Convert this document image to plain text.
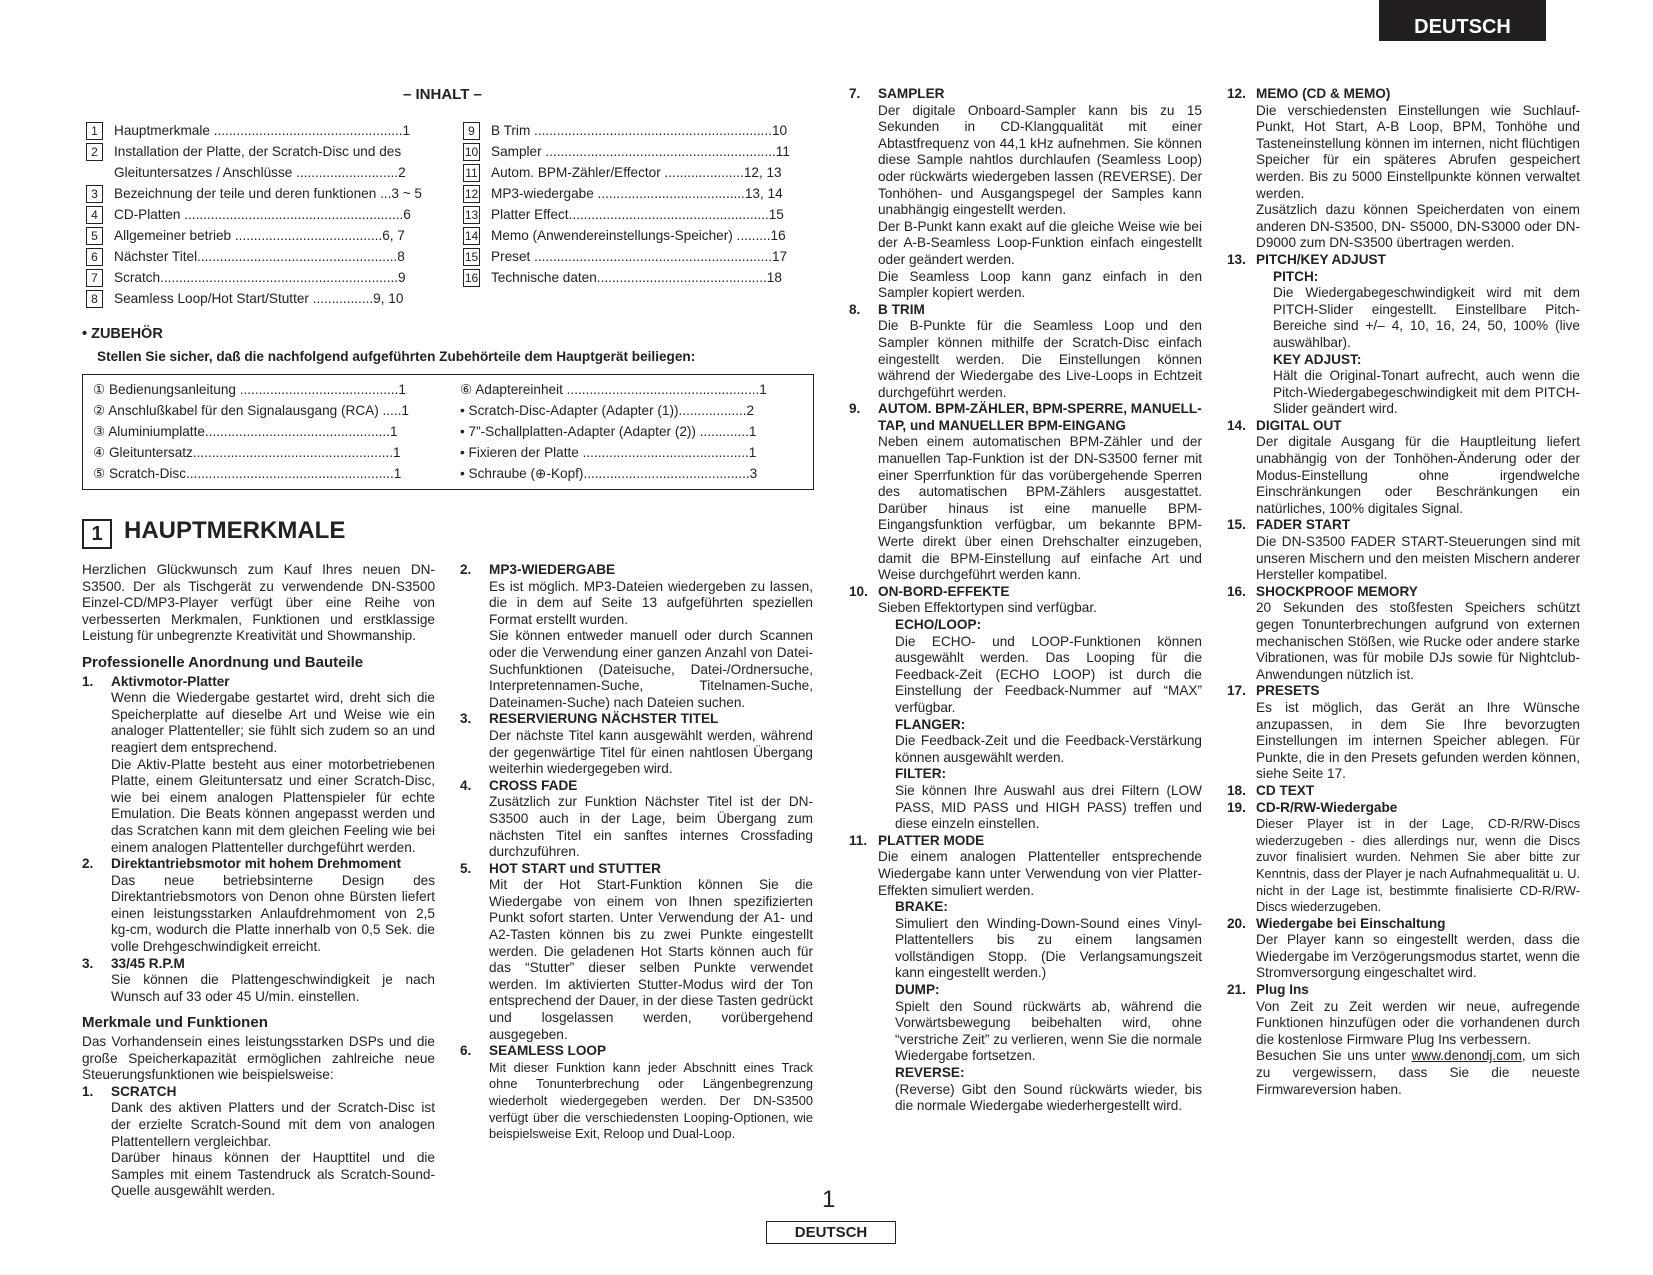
DEUTSCH
– INHALT –
1	Hauptmerkmale ..................................................1
2	Installation der Platte, der Scratch-Disc und des
Gleituntersatzes / Anschlüsse ...........................2
3	Bezeichnung der teile und deren funktionen ...3 ~ 5
4	CD-Platten ..........................................................6
5	Allgemeiner betrieb .......................................6, 7
6	Nächster Titel.....................................................8
7	Scratch...............................................................9
8	Seamless Loop/Hot Start/Stutter ................9, 10
9	B Trim ...............................................................10
10 Sampler .............................................................11
11 Autom. BPM-Zähler/Effector .....................12, 13
12 MP3-wiedergabe .......................................13, 14
13 Platter Effect.....................................................15
14 Memo (Anwendereinstellungs-Speicher) .........16
15 Preset ...............................................................17
16 Technische daten.............................................18
• ZUBEHÖR
Stellen Sie sicher, daß die nachfolgend aufgeführten Zubehörteile dem Hauptgerät beiliegen:
① Bedienungsanleitung ..........................................1
② Anschlußkabel für den Signalausgang (RCA) .....1
③ Aluminiumplatte.................................................1
④ Gleituntersatz.....................................................1
⑤ Scratch-Disc.......................................................1
⑥ Adaptereinheit ...................................................1
• Scratch-Disc-Adapter (Adapter (1))..................2
• 7”-Schallplatten-Adapter (Adapter (2)) .............1
• Fixieren der Platte ............................................1
• Schraube (⊕-Kopf)............................................3
1 HAUPTMERKMALE

Herzlichen Glückwunsch zum Kauf Ihres neuen DN-S3500. Der als Tischgerät zu verwendende DN-S3500 Einzel-CD/MP3-Player verfügt über eine Reihe von verbesserten Merkmalen, Funktionen und erstklassige Leistung für unbegrenzte Kreativität und Showmanship.

Professionelle Anordnung und Bauteile
1. Aktivmotor-Platter

Wenn die Wiedergabe gestartet wird, dreht sich die Speicherplatte auf dieselbe Art und Weise wie ein analoger Plattenteller; sie fühlt sich zudem so an und reagiert dem entsprechend.

Die Aktiv-Platte besteht aus einer motorbetriebenen Platte, einem Gleituntersatz und einer Scratch-Disc, wie bei einem analogen Plattenspieler für echte Emulation. Die Beats können angepasst werden und das Scratchen kann mit dem gleichen Feeling wie bei einem analogen Plattenteller durchgeführt werden.

2. Direktantriebsmotor mit hohem Drehmoment

Das neue betriebsinterne Design des Direktantriebsmotors von Denon ohne Bürsten liefert einen leistungsstarken Anlaufdrehmoment von 2,5 kg-cm, wodurch die Platte innerhalb von 0,5 Sek. die volle Drehgeschwindigkeit erreicht.

3. 33/45 R.P.M

Sie können die Plattengeschwindigkeit je nach Wunsch auf 33 oder 45 U/min. einstellen.

Merkmale und Funktionen

Das Vorhandensein eines leistungsstarken DSPs und die große Speicherkapazität ermöglichen zahlreiche neue Steuerungsfunktionen wie beispielsweise:

1. SCRATCH

Dank des aktiven Platters und der Scratch-Disc ist der erzielte Scratch-Sound mit dem von analogen Plattentellern vergleichbar.

Darüber hinaus können der Haupttitel und die Samples mit einem Tastendruck als Scratch-Sound-Quelle ausgewählt werden.

2. MP3-WIEDERGABE

Es ist möglich. MP3-Dateien wiedergeben zu lassen, die in dem auf Seite 13 aufgeführten speziellen Format erstellt wurden.

Sie können entweder manuell oder durch Scannen oder die Verwendung einer ganzen Anzahl von Datei-Suchfunktionen (Dateisuche, Datei-/Ordnersuche, Interpretennamen-Suche, Titelnamen-Suche, Dateinamen-Suche) nach Dateien suchen.

3. RESERVIERUNG NÄCHSTER TITEL

Der nächste Titel kann ausgewählt werden, während der gegenwärtige Titel für einen nahtlosen Übergang weiterhin wiedergegeben wird.

4. CROSS FADE

Zusätzlich zur Funktion Nächster Titel ist der DN-S3500 auch in der Lage, beim Übergang zum nächsten Titel ein sanftes internes Crossfading durchzuführen.

5. HOT START und STUTTER

Mit der Hot Start-Funktion können Sie die Wiedergabe von einem von Ihnen spezifizierten Punkt sofort starten. Unter Verwendung der A1- und A2-Tasten können bis zu zwei Punkte eingestellt werden. Die geladenen Hot Starts können auch für das “Stutter” dieser selben Punkte verwendet werden. Im aktivierten Stutter-Modus wird der Ton entsprechend der Dauer, in der diese Tasten gedrückt und losgelassen werden, vorübergehend ausgegeben.

6. SEAMLESS LOOP

Mit dieser Funktion kann jeder Abschnitt eines Track ohne Tonunterbrechung oder Längenbegrenzung wiederholt wiedergegeben werden. Der DN-S3500 verfügt über die verschiedensten Looping-Optionen, wie beispielsweise Exit, Reloop und Dual-Loop.

7. SAMPLER

Der digitale Onboard-Sampler kann bis zu 15 Sekunden in CD-Klangqualität mit einer Abtastfrequenz von 44,1 kHz aufnehmen. Sie können diese Sample nahtlos durchlaufen (Seamless Loop) oder rückwärts wiedergeben lassen (REVERSE). Der Tonhöhen- und Ausgangspegel der Samples kann unabhängig eingestellt werden.

Der B-Punkt kann exakt auf die gleiche Weise wie bei der A-B-Seamless Loop-Funktion einfach eingestellt oder geändert werden.

Die Seamless Loop kann ganz einfach in den Sampler kopiert werden.

8. B TRIM

Die B-Punkte für die Seamless Loop und den Sampler können mithilfe der Scratch-Disc einfach eingestellt werden. Die Einstellungen können während der Wiedergabe des Live-Loops in Echtzeit durchgeführt werden.

9. AUTOM. BPM-ZÄHLER, BPM-SPERRE, MANUELL-TAP, und MANUELLER BPM-EINGANG

Neben einem automatischen BPM-Zähler und der manuellen Tap-Funktion ist der DN-S3500 ferner mit einer Sperrfunktion für das vorübergehende Sperren des automatischen BPM-Zählers ausgestattet. Darüber hinaus ist eine manuelle BPM-Eingangsfunktion verfügbar, um bekannte BPM-Werte direkt über einen Drehschalter einzugeben, damit die BPM-Einstellung auf einfache Art und Weise durchgeführt werden kann.

10. ON-BORD-EFFEKTE

Sieben Effektortypen sind verfügbar.

ECHO/LOOP:

Die ECHO- und LOOP-Funktionen können ausgewählt werden. Das Looping für die Feedback-Zeit (ECHO LOOP) ist durch die Einstellung der Feedback-Nummer auf “MAX” verfügbar.

FLANGER:

Die Feedback-Zeit und die Feedback-Verstärkung können ausgewählt werden.

FILTER:

Sie können Ihre Auswahl aus drei Filtern (LOW PASS, MID PASS und HIGH PASS) treffen und diese einzeln einstellen.

11. PLATTER MODE

Die einem analogen Plattenteller entsprechende Wiedergabe kann unter Verwendung von vier Platter-Effekten simuliert werden.

BRAKE:

Simuliert den Winding-Down-Sound eines Vinyl-Plattentellers bis zu einem langsamen vollständigen Stopp. (Die Verlangsamungszeit kann eingestellt werden.)

DUMP:

Spielt den Sound rückwärts ab, während die Vorwärtsbewegung beibehalten wird, ohne “verstriche Zeit” zu verlieren, wenn Sie die normale Wiedergabe fortsetzen.

REVERSE:

(Reverse) Gibt den Sound rückwärts wieder, bis die normale Wiedergabe wiederhergestellt wird.

12. MEMO (CD & MEMO)

Die verschiedensten Einstellungen wie Suchlauf-Punkt, Hot Start, A-B Loop, BPM, Tonhöhe und Tasteneinstellung können im internen, nicht flüchtigen Speicher für ein späteres Abrufen gespeichert werden. Bis zu 5000 Einstellpunkte können verwaltet werden.

Zusätzlich dazu können Speicherdaten von einem anderen DN-S3500, DN- S5000, DN-S3000 oder DN-D9000 zum DN-S3500 übertragen werden.

13. PITCH/KEY ADJUST
PITCH:

Die Wiedergabegeschwindigkeit wird mit dem PITCH-Slider eingestellt. Einstellbare Pitch-Bereiche sind +/– 4, 10, 16, 24, 50, 100% (live auswählbar).

KEY ADJUST:

Hält die Original-Tonart aufrecht, auch wenn die Pitch-Wiedergabegeschwindigkeit mit dem PITCH-Slider geändert wird.

14. DIGITAL OUT

Der digitale Ausgang für die Hauptleitung liefert unabhängig von der Tonhöhen-Änderung oder der Modus-Einstellung ohne irgendwelche Einschränkungen oder Beschränkungen ein natürliches, 100% digitales Signal.

15. FADER START

Die DN-S3500 FADER START-Steuerungen sind mit unseren Mischern und den meisten Mischern anderer Hersteller kompatibel.

16. SHOCKPROOF MEMORY

20 Sekunden des stoßfesten Speichers schützt gegen Tonunterbrechungen aufgrund von externen mechanischen Stößen, wie Rucke oder andere starke Vibrationen, was für mobile DJs sowie für Nightclub-Anwendungen nützlich ist.

17. PRESETS

Es ist möglich, das Gerät an Ihre Wünsche anzupassen, in dem Sie Ihre bevorzugten Einstellungen im internen Speicher ablegen. Für Punkte, die in den Presets gefunden werden können, siehe Seite 17.

18. CD TEXT
19. CD-R/RW-Wiedergabe

Dieser Player ist in der Lage, CD-R/RW-Discs wiederzugeben - dies allerdings nur, wenn die Discs zuvor finalisiert wurden. Nehmen Sie aber bitte zur Kenntnis, dass der Player je nach Aufnahmequalität u. U. nicht in der Lage ist, bestimmte finalisierte CD-R/RW-Discs wiederzugeben.

20. Wiedergabe bei Einschaltung

Der Player kann so eingestellt werden, dass die Wiedergabe im Verzögerungsmodus startet, wenn die Stromversorgung eingeschaltet wird.

21. Plug Ins

Von Zeit zu Zeit werden wir neue, aufregende Funktionen hinzufügen oder die vorhandenen durch die kostenlose Firmware Plug Ins verbessern.

Besuchen Sie uns unter www.denondj.com, um sich zu vergewissern, dass Sie die neueste Firmwareversion haben.

1
DEUTSCH
